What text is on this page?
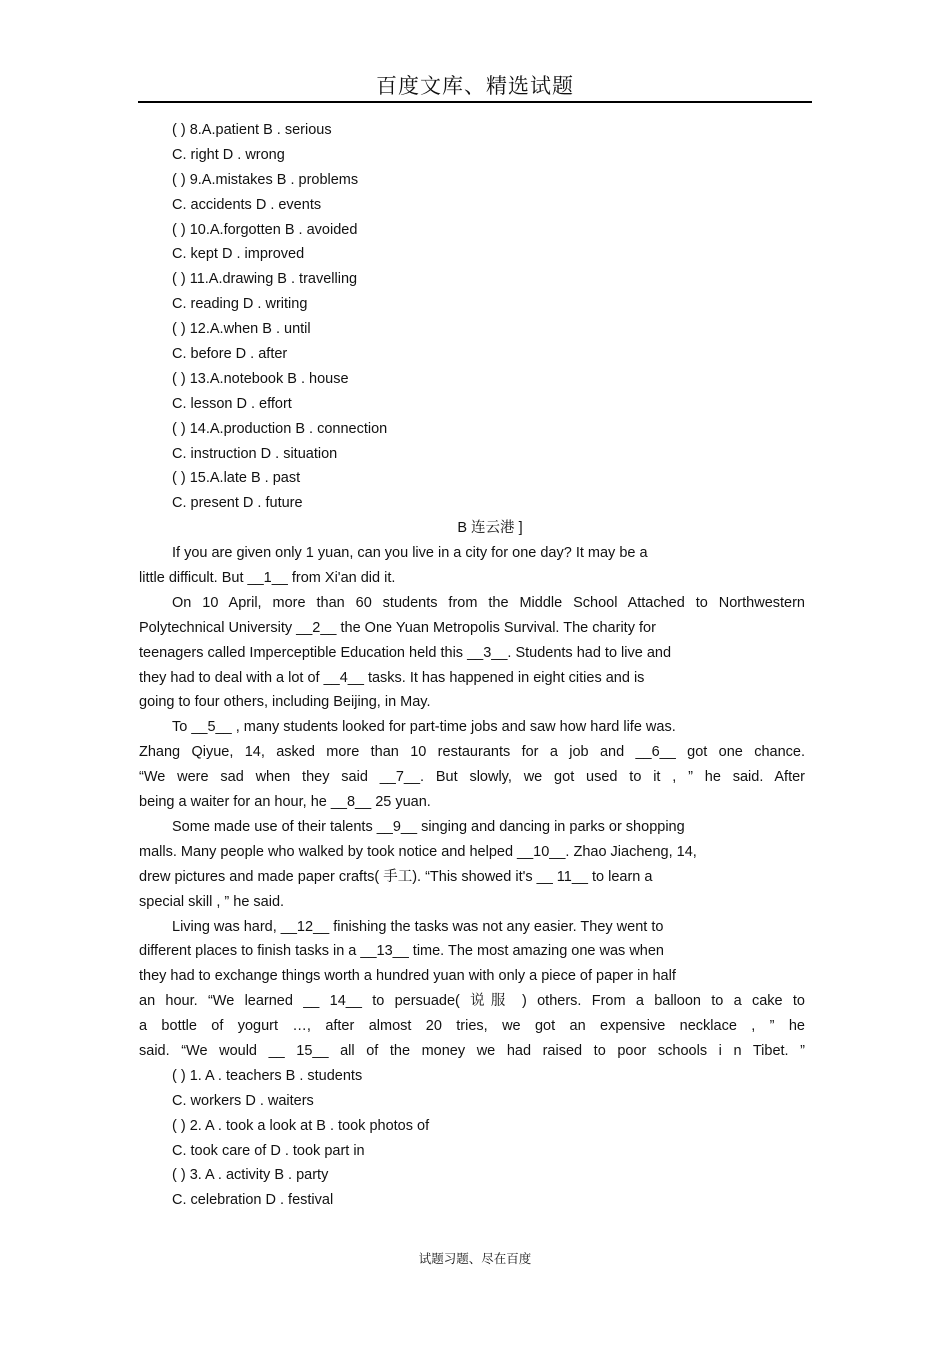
百度文库、精选试题
( ) 8.A.patient B . serious
C. right D . wrong
( ) 9.A.mistakes B . problems
C. accidents D . events
( ) 10.A.forgotten B . avoided
C. kept D . improved
( ) 11.A.drawing B . travelling
C. reading D . writing
( ) 12.A.when B . until
C. before D . after
( ) 13.A.notebook B . house
C. lesson D . effort
( ) 14.A.production B . connection
C. instruction D . situation
( ) 15.A.late B . past
C. present D . future
B 连云港 ]
If you are given only 1 yuan, can you live in a city for one day? It may be a
little difficult. But __1__ from Xi'an did it.
On 10 April, more than 60 students from the Middle School Attached to Northwestern
Polytechnical University __2__ the One Yuan Metropolis Survival. The charity for
teenagers called Imperceptible Education held this __3__. Students had to live and
they had to deal with a lot of __4__ tasks. It has happened in eight cities and is
going to four others, including Beijing, in May.
To __5__ , many students looked for part-time jobs and saw how hard life was.
Zhang Qiyue, 14, asked more than 10 restaurants for a job and __6__ got one chance.
“We were sad when they said __7__. But slowly, we got used to it , ” he said. After
being a waiter for an hour, he __8__ 25 yuan.
Some made use of their talents __9__ singing and dancing in parks or shopping
malls. Many people who walked by took notice and helped __10__. Zhao Jiacheng, 14,
drew pictures and made paper crafts( 手工). “This showed it's __ 11__ to learn a
special skill , ” he said.
Living was hard, __12__ finishing the tasks was not any easier. They went to
different places to finish tasks in a __13__ time. The most amazing one was when
they had to exchange things worth a hundred yuan with only a piece of paper in half
an hour. “We learned __ 14__ to persuade( 说服 ) others. From a balloon to a cake to
a bottle of yogurt …, after almost 20 tries, we got an expensive necklace , ” he
said. “We would __ 15__ all of the money we had raised to poor schools i n Tibet. ”
( ) 1. A . teachers B . students
C. workers D . waiters
( ) 2. A . took a look at B . took photos of
C. took care of D . took part in
( ) 3. A . activity B . party
C. celebration D . festival
试题习题、尽在百度
